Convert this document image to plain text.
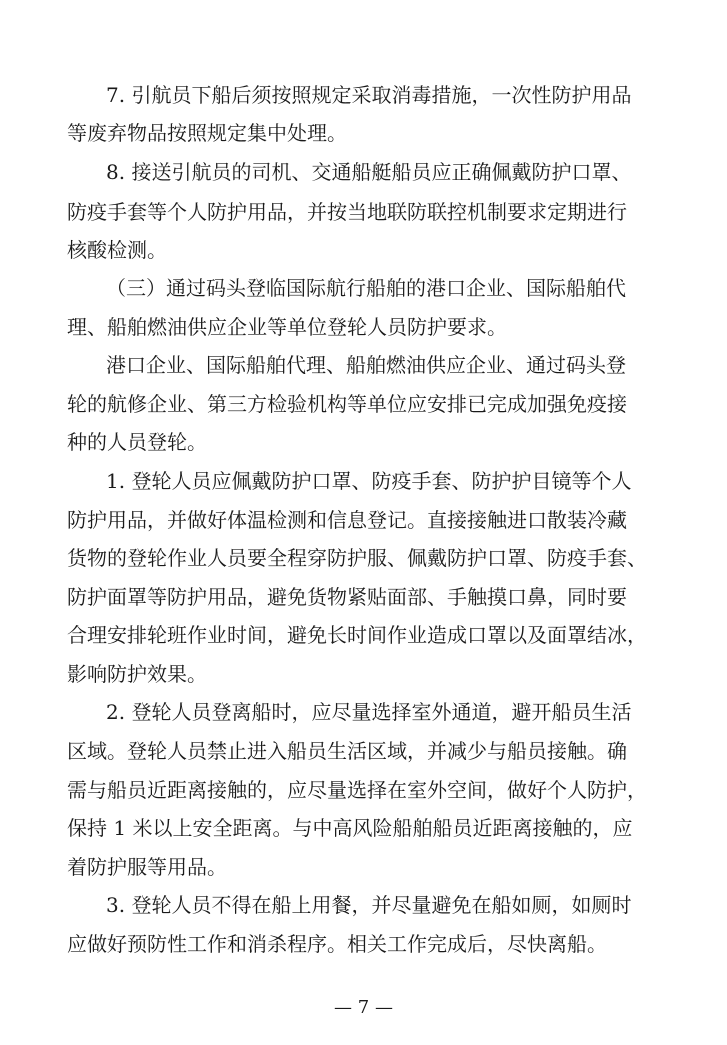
7. 引航员下船后须按照规定采取消毒措施，一次性防护用品
等废弃物品按照规定集中处理。
8. 接送引航员的司机、交通船艇船员应正确佩戴防护口罩、
防疫手套等个人防护用品，并按当地联防联控机制要求定期进行
核酸检测。
（三）通过码头登临国际航行船舶的港口企业、国际船舶代
理、船舶燃油供应企业等单位登轮人员防护要求。
港口企业、国际船舶代理、船舶燃油供应企业、通过码头登
轮的航修企业、第三方检验机构等单位应安排已完成加强免疫接
种的人员登轮。
1. 登轮人员应佩戴防护口罩、防疫手套、防护护目镜等个人
防护用品，并做好体温检测和信息登记。直接接触进口散装冷藏
货物的登轮作业人员要全程穿防护服、佩戴防护口罩、防疫手套、
防护面罩等防护用品，避免货物紧贴面部、手触摸口鼻，同时要
合理安排轮班作业时间，避免长时间作业造成口罩以及面罩结冰，
影响防护效果。
2. 登轮人员登离船时，应尽量选择室外通道，避开船员生活
区域。登轮人员禁止进入船员生活区域，并减少与船员接触。确
需与船员近距离接触的，应尽量选择在室外空间，做好个人防护，
保持 1 米以上安全距离。与中高风险船舶船员近距离接触的，应
着防护服等用品。
3. 登轮人员不得在船上用餐，并尽量避免在船如厕，如厕时
应做好预防性工作和消杀程序。相关工作完成后，尽快离船。
— 7 —
